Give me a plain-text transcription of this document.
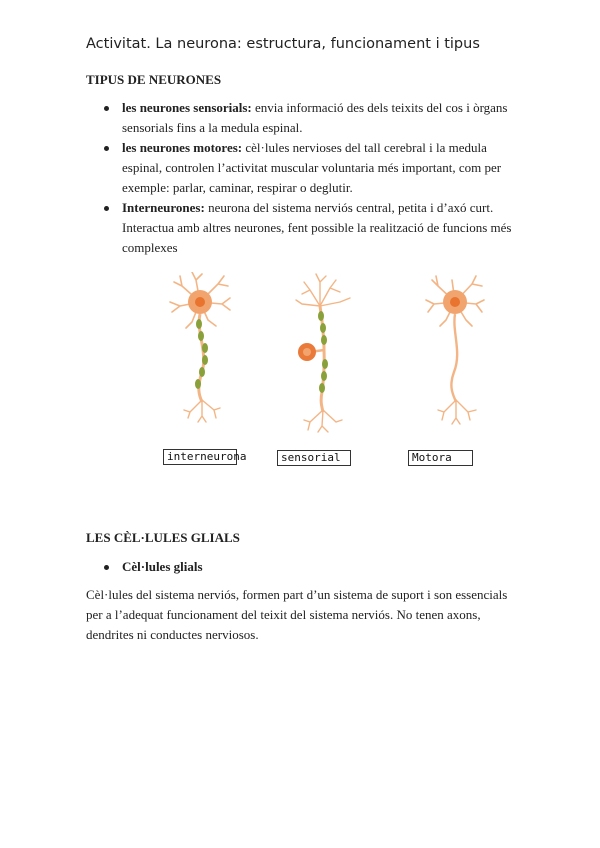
Activitat. La neurona: estructura, funcionament i tipus
TIPUS DE NEURONES
les neurones sensorials: envia informació des dels teixits del cos i òrgans sensorials fins a la medula espinal.
les neurones motores: cèl·lules nervioses del tall cerebral i la medula espinal, controlen l’activitat muscular voluntaria més important, com per exemple: parlar, caminar, respirar o deglutir.
Interneurones: neurona del sistema nerviós central, petita i d’axó curt. Interactua amb altres neurones, fent possible la realització de funcions més complexes
interneurona	sensorial	Motora
LES CÈL·LULES GLIALS
Cèl·lules glials
Cèl·lules del sistema nerviós, formen part d’un sistema de suport i son essencials per a l’adequat funcionament del teixit del sistema nerviós. No tenen axons, dendrites ni conductes nerviosos.
